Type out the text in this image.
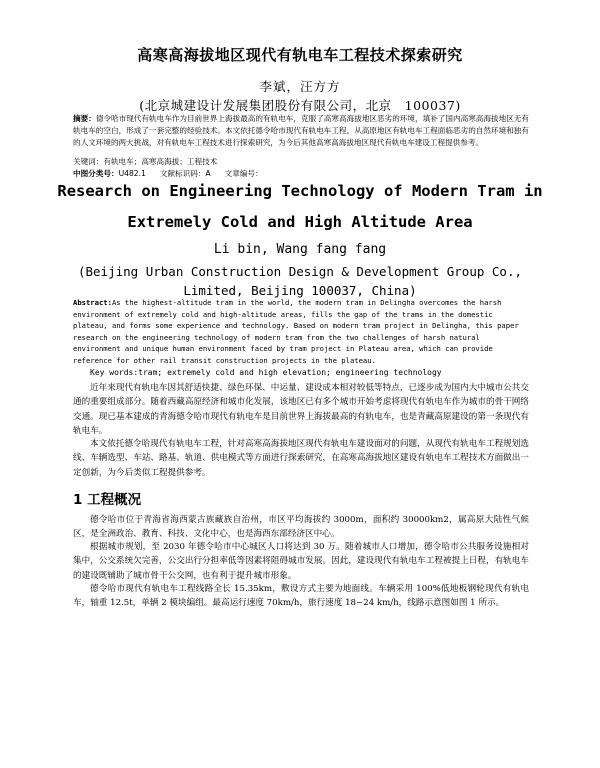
高寒高海拔地区现代有轨电车工程技术探索研究
李斌，汪方方
(北京城建设计发展集团股份有限公司，北京　100037)
摘要：德令哈市现代有轨电车作为目前世界上海拔最高的有轨电车，克服了高寒高海拔地区恶劣的环境，填补了国内高寒高海拔地区无有轨电车的空白，形成了一套完整的经验技术。本文依托德令哈市现代有轨电车工程，从高原地区有轨电车工程面临恶劣的自然环境和独有的人文环境的两大挑战，对有轨电车工程技术进行探索研究，为今后其他高寒高海拔地区现代有轨电车建设工程提供参考。
关键词：有轨电车；高寒高海拔；工程技术
中图分类号：U482.1 文献标识码：A 文章编号：
Research on Engineering Technology of Modern Tram in
Extremely Cold and High Altitude Area
Li bin, Wang fang fang
(Beijing Urban Construction Design & Development Group Co., Limited, Beijing 100037, China)
Abstract:As the highest-altitude tram in the world, the modern tram in Delingha overcomes the harsh environment of extremely cold and high-altitude areas, fills the gap of the trams in the domestic plateau, and forms some experience and technology. Based on modern tram project in Delingha, this paper research on the engineering technology of modern tram from the two challenges of harsh natural environment and unique human environment faced by tram project in Plateau area, which can provide reference for other rail transit construction projects in the plateau.
Key words:tram; extremely cold and high elevation; engineering technology

近年来现代有轨电车因其舒适快捷、绿色环保、中运量、建设成本相对较低等特点，已逐步成为国内大中城市公共交通的重要组成部分。随着西藏高原经济和城市化发展，该地区已有多个城市开始考虑将现代有轨电车作为城市的骨干网络交通。现已基本建成的青海德令哈市现代有轨电车是目前世界上海拔最高的有轨电车，也是青藏高原建设的第一条现代有轨电车。

本文依托德令哈现代有轨电车工程，针对高寒高海拔地区现代有轨电车建设面对的问题，从现代有轨电车工程规划选线、车辆选型、车站、路基、轨道、供电模式等方面进行探索研究，在高寒高海拔地区建设有轨电车工程技术方面做出一定创新，为今后类似工程提供参考。

1 工程概况

德令哈市位于青海省海西蒙古族藏族自治州，市区平均海拔约 3000m，面积约 30000km2，属高原大陆性气候区，是全洲政治、教育、科技、文化中心，也是海西东部经济区中心。

根据城市规划，至 2030 年德令哈市中心城区人口将达到 30 万。随着城市人口增加，德令哈市公共服务设施相对集中，公交系统欠完善，公交出行分担率低等因素将阻碍城市发展。因此，建设现代有轨电车工程被提上日程，有轨电车的建设既辅助了城市骨干公交网，也有利于提升城市形象。

德令哈市现代有轨电车工程线路全长 15.35km，敷设方式主要为地面线。车辆采用 100%低地板钢轮现代有轨电车，轴重 12.5t，单辆 2 模块编组。最高运行速度 70km/h，旅行速度 18~24 km/h，线路示意图如图 1 所示。
